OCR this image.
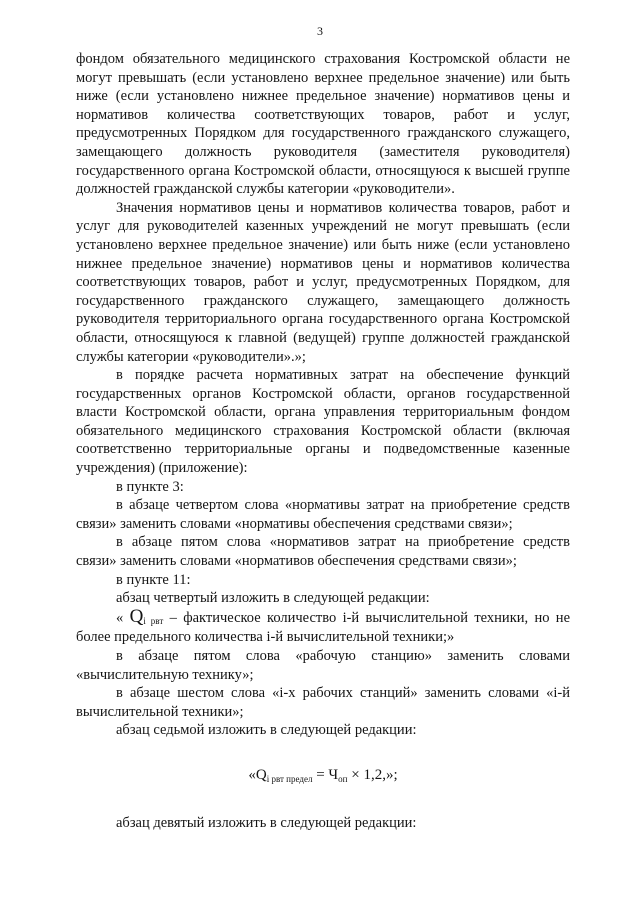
3

фондом обязательного медицинского страхования Костромской области не могут превышать (если установлено верхнее предельное значение) или быть ниже (если установлено нижнее предельное значение) нормативов цены и нормативов количества соответствующих товаров, работ и услуг, предусмотренных Порядком для государственного гражданского служащего, замещающего должность руководителя (заместителя руководителя) государственного органа Костромской области, относящуюся к высшей группе должностей гражданской службы категории «руководители».

Значения нормативов цены и нормативов количества товаров, работ и услуг для руководителей казенных учреждений не могут превышать (если установлено верхнее предельное значение) или быть ниже (если установлено нижнее предельное значение) нормативов цены и нормативов количества соответствующих товаров, работ и услуг, предусмотренных Порядком, для государственного гражданского служащего, замещающего должность руководителя территориального органа государственного органа Костромской области, относящуюся к главной (ведущей) группе должностей гражданской службы категории «руководители».»;

в порядке расчета нормативных затрат на обеспечение функций государственных органов Костромской области, органов государственной власти Костромской области, органа управления территориальным фондом обязательного медицинского страхования Костромской области (включая соответственно территориальные органы и подведомственные казенные учреждения) (приложение):

в пункте 3:

в абзаце четвертом слова «нормативы затрат на приобретение средств связи» заменить словами «нормативы обеспечения средствами связи»;

в абзаце пятом слова «нормативов затрат на приобретение средств связи» заменить словами «нормативов обеспечения средствами связи»;

в пункте 11:

абзац четвертый изложить в следующей редакции:

« Qi рвт – фактическое количество i-й вычислительной техники, но не более предельного количества i-й вычислительной техники;»

в абзаце пятом слова «рабочую станцию» заменить словами «вычислительную технику»;

в абзаце шестом слова «i-х рабочих станций» заменить словами «i-й вычислительной техники»;

абзац седьмой изложить в следующей редакции:

«$Q_{i рвт предел} = Ч_{оп} \times 1,2$,»;

абзац девятый изложить в следующей редакции:
